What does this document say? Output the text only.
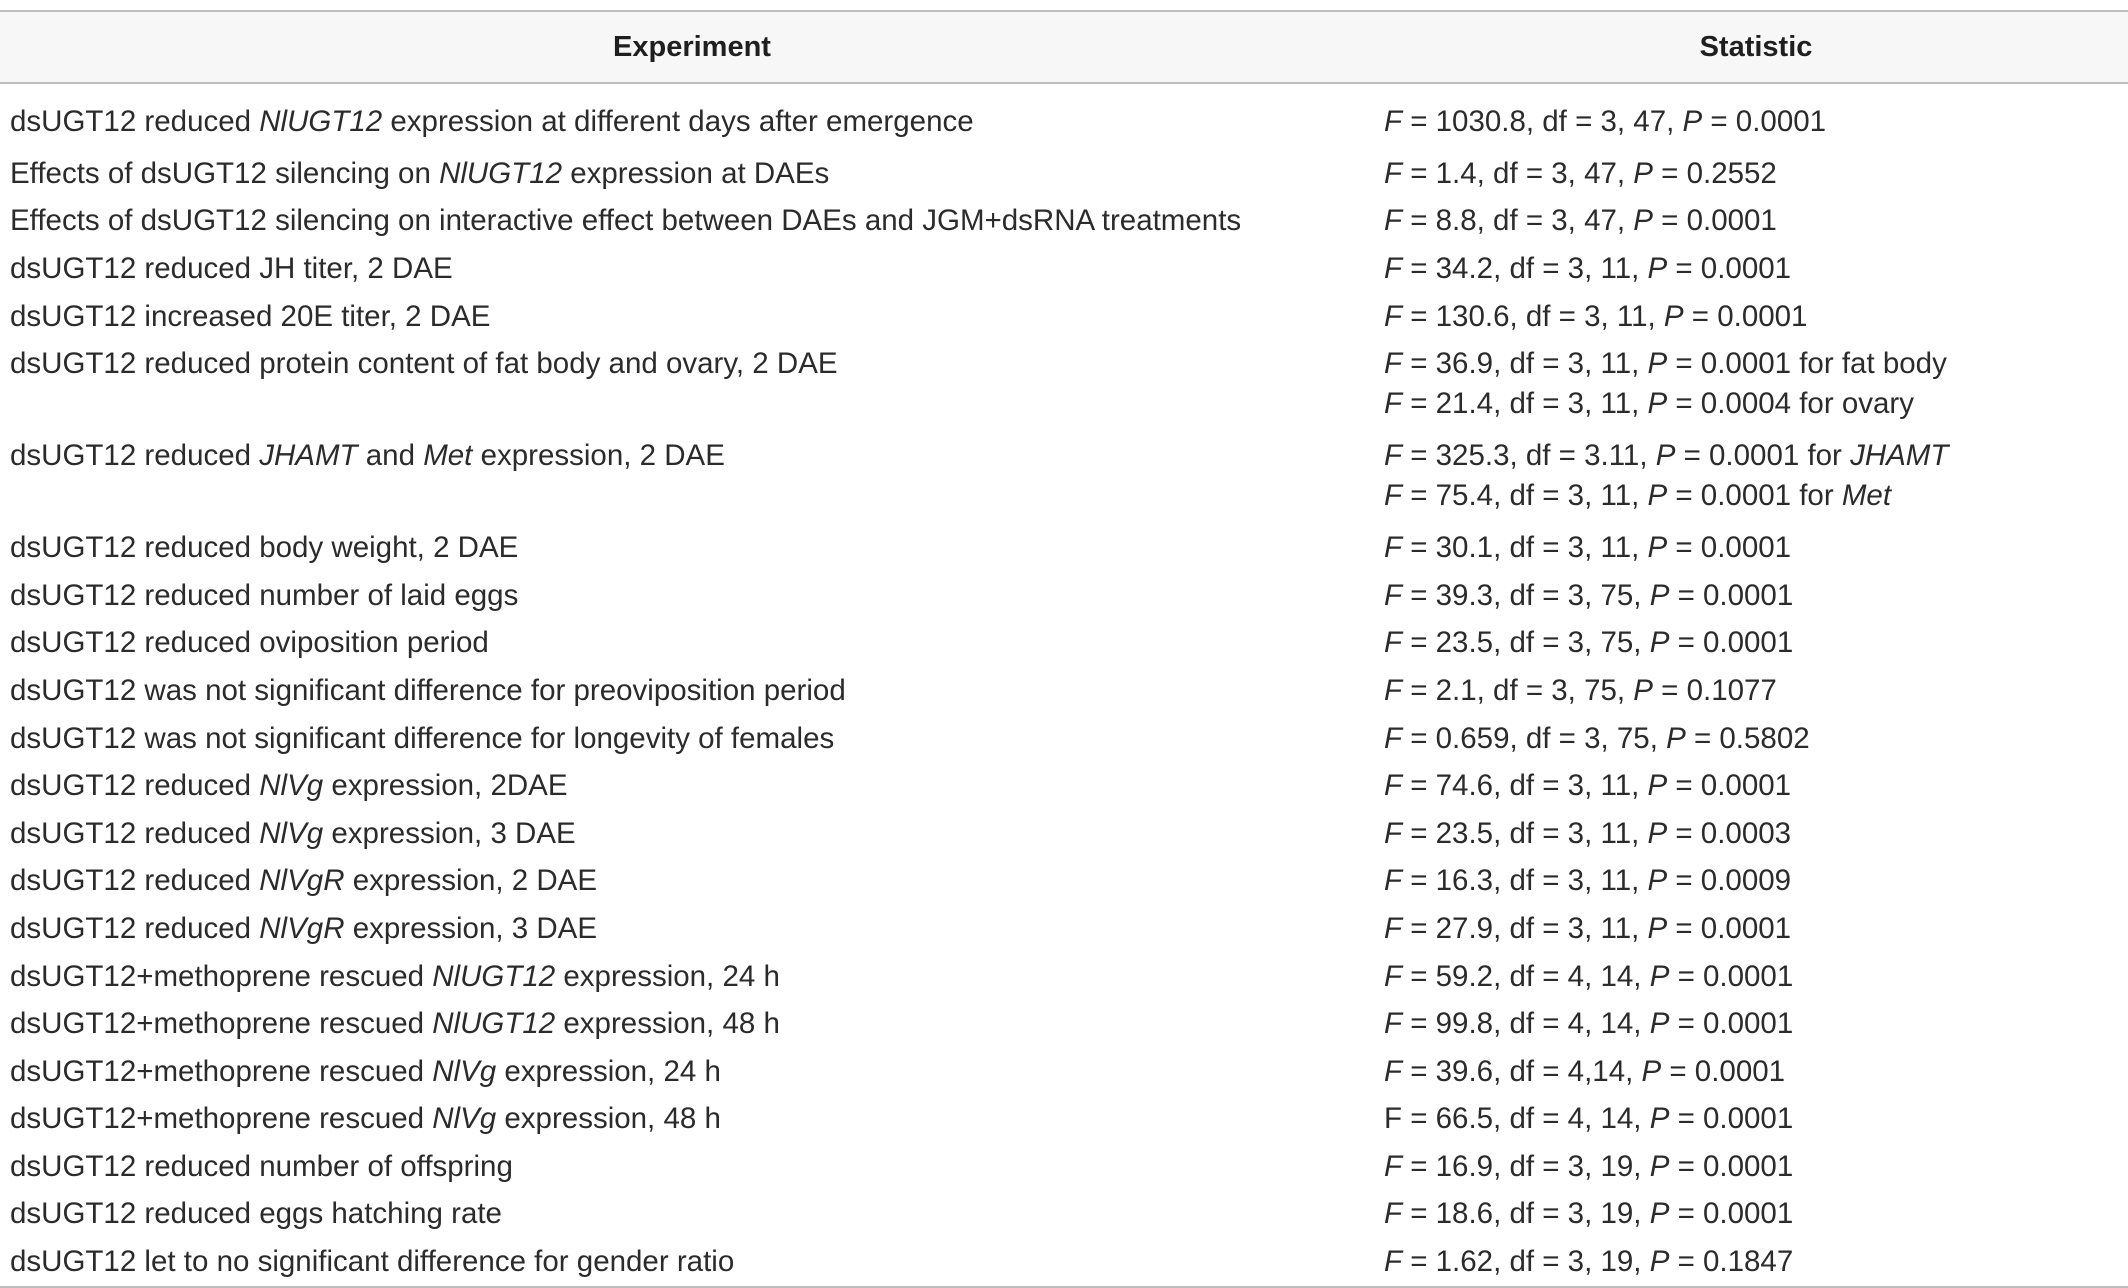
Experiment	Statistic
dsUGT12 reduced NlUGT12 expression at different days after emergence	F = 1030.8, df = 3, 47, P = 0.0001
Effects of dsUGT12 silencing on NlUGT12 expression at DAEs	F = 1.4, df = 3, 47, P = 0.2552
Effects of dsUGT12 silencing on interactive effect between DAEs and JGM+dsRNA treatments	F = 8.8, df = 3, 47, P = 0.0001
dsUGT12 reduced JH titer, 2 DAE	F = 34.2, df = 3, 11, P = 0.0001
dsUGT12 increased 20E titer, 2 DAE	F = 130.6, df = 3, 11, P = 0.0001
dsUGT12 reduced protein content of fat body and ovary, 2 DAE	F = 36.9, df = 3, 11, P = 0.0001 for fat body
F = 21.4, df = 3, 11, P = 0.0004 for ovary

dsUGT12 reduced JHAMT and Met expression, 2 DAE	F = 325.3, df = 3.11, P = 0.0001 for JHAMT
F = 75.4, df = 3, 11, P = 0.0001 for Met

dsUGT12 reduced body weight, 2 DAE	F = 30.1, df = 3, 11, P = 0.0001
dsUGT12 reduced number of laid eggs	F = 39.3, df = 3, 75, P = 0.0001
dsUGT12 reduced oviposition period	F = 23.5, df = 3, 75, P = 0.0001
dsUGT12 was not significant difference for preoviposition period	F = 2.1, df = 3, 75, P = 0.1077
dsUGT12 was not significant difference for longevity of females	F = 0.659, df = 3, 75, P = 0.5802
dsUGT12 reduced NlVg expression, 2DAE	F = 74.6, df = 3, 11, P = 0.0001
dsUGT12 reduced NlVg expression, 3 DAE	F = 23.5, df = 3, 11, P = 0.0003
dsUGT12 reduced NlVgR expression, 2 DAE	F = 16.3, df = 3, 11, P = 0.0009
dsUGT12 reduced NlVgR expression, 3 DAE	F = 27.9, df = 3, 11, P = 0.0001
dsUGT12+methoprene rescued NlUGT12 expression, 24 h	F = 59.2, df = 4, 14, P = 0.0001
dsUGT12+methoprene rescued NlUGT12 expression, 48 h	F = 99.8, df = 4, 14, P = 0.0001
dsUGT12+methoprene rescued NlVg expression, 24 h	F = 39.6, df = 4,14, P = 0.0001
dsUGT12+methoprene rescued NlVg expression, 48 h	F = 66.5, df = 4, 14, P = 0.0001
dsUGT12 reduced number of offspring	F = 16.9, df = 3, 19, P = 0.0001
dsUGT12 reduced eggs hatching rate	F = 18.6, df = 3, 19, P = 0.0001
dsUGT12 let to no significant difference for gender ratio	F = 1.62, df = 3, 19, P = 0.1847
